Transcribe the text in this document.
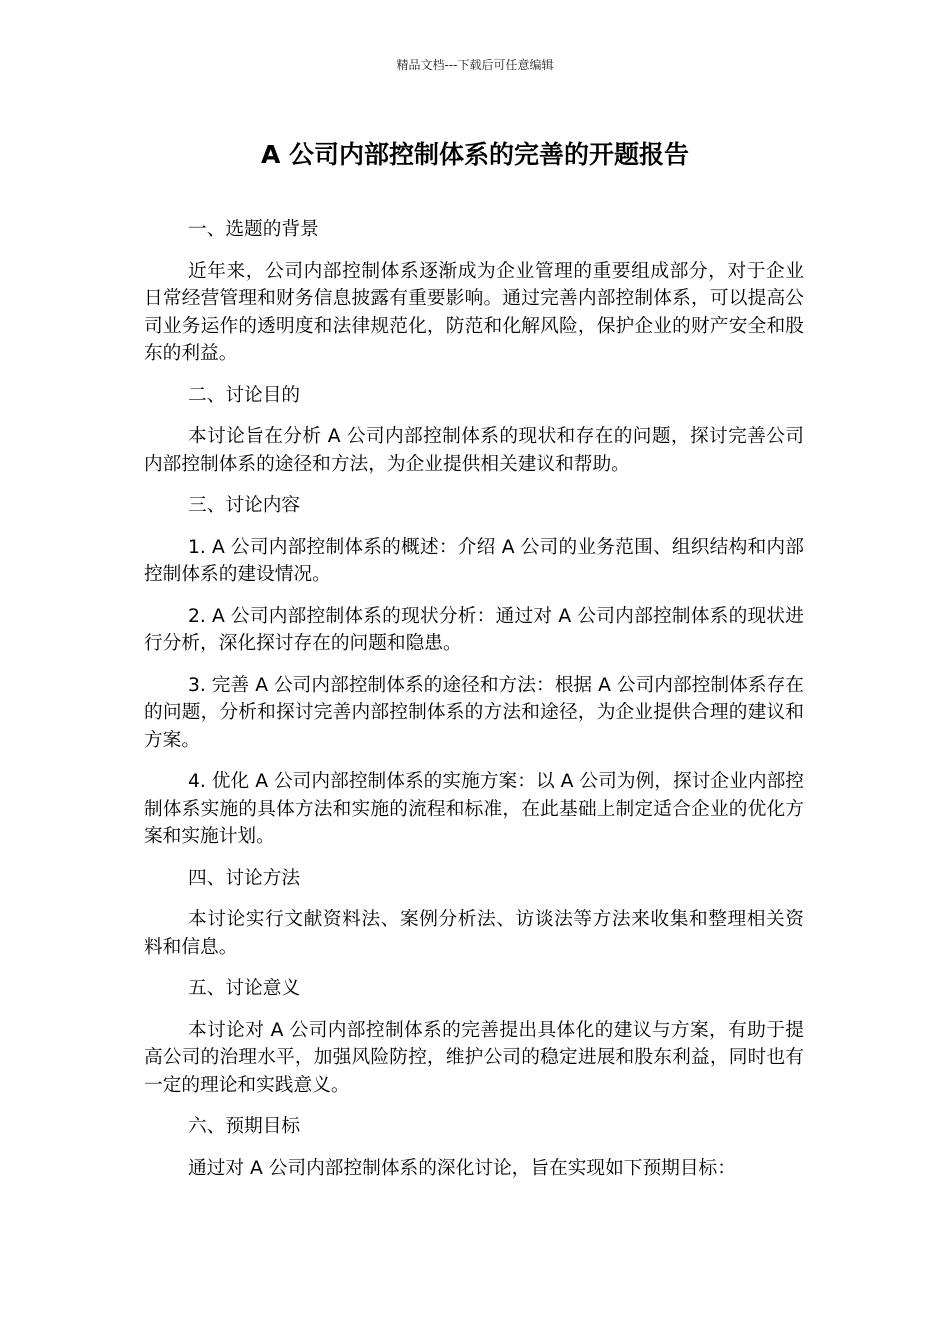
精品文档---下载后可任意编辑
A 公司内部控制体系的完善的开题报告

一、选题的背景

近年来，公司内部控制体系逐渐成为企业管理的重要组成部分，对于企业日常经营管理和财务信息披露有重要影响。通过完善内部控制体系，可以提高公司业务运作的透明度和法律规范化，防范和化解风险，保护企业的财产安全和股东的利益。

二、讨论目的

本讨论旨在分析 A 公司内部控制体系的现状和存在的问题，探讨完善公司内部控制体系的途径和方法，为企业提供相关建议和帮助。

三、讨论内容

1. A 公司内部控制体系的概述：介绍 A 公司的业务范围、组织结构和内部控制体系的建设情况。

2. A 公司内部控制体系的现状分析：通过对 A 公司内部控制体系的现状进行分析，深化探讨存在的问题和隐患。

3. 完善 A 公司内部控制体系的途径和方法：根据 A 公司内部控制体系存在的问题，分析和探讨完善内部控制体系的方法和途径，为企业提供合理的建议和方案。

4. 优化 A 公司内部控制体系的实施方案：以 A 公司为例，探讨企业内部控制体系实施的具体方法和实施的流程和标准，在此基础上制定适合企业的优化方案和实施计划。

四、讨论方法

本讨论实行文献资料法、案例分析法、访谈法等方法来收集和整理相关资料和信息。

五、讨论意义

本讨论对 A 公司内部控制体系的完善提出具体化的建议与方案，有助于提高公司的治理水平，加强风险防控，维护公司的稳定进展和股东利益，同时也有一定的理论和实践意义。

六、预期目标

通过对 A 公司内部控制体系的深化讨论，旨在实现如下预期目标：
